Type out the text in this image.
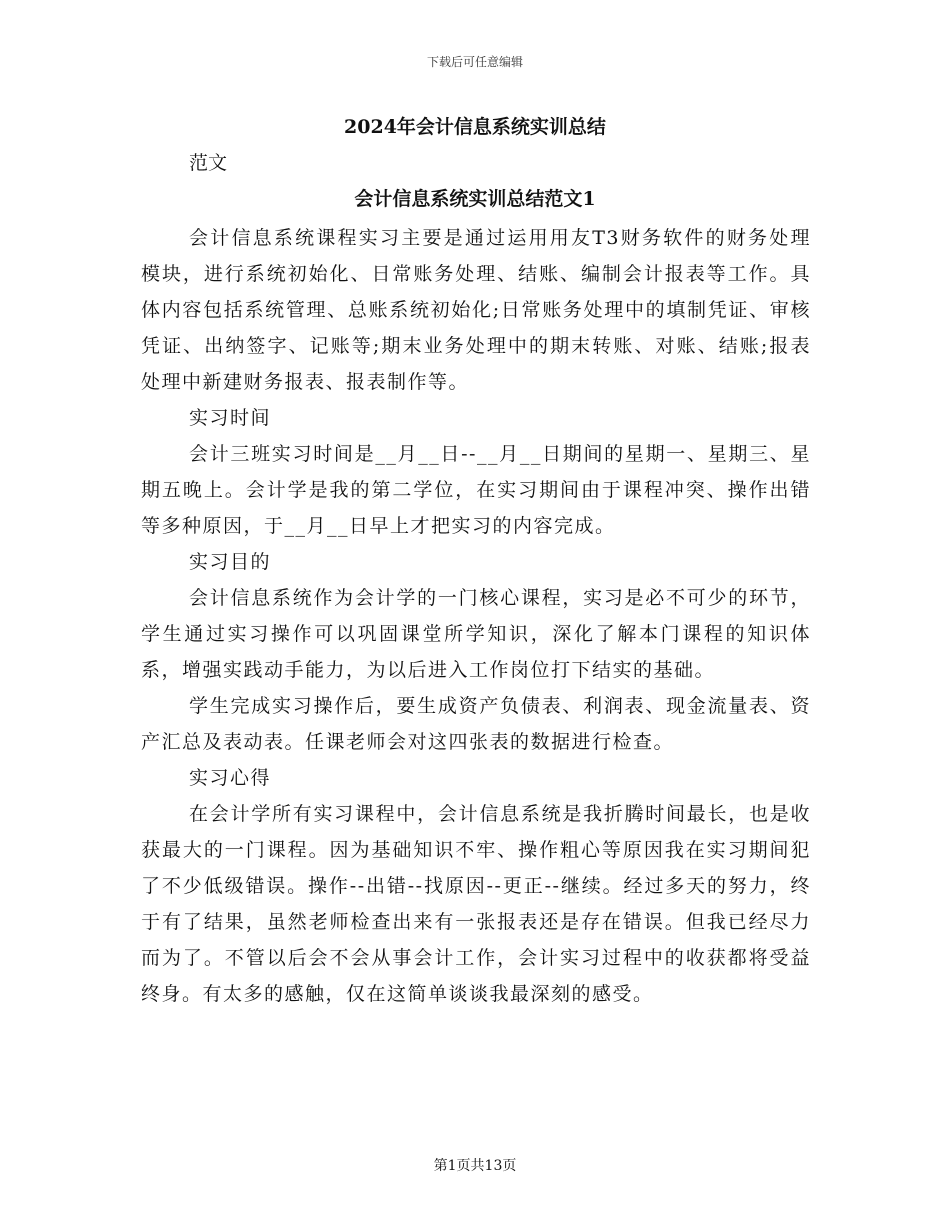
下载后可任意编辑
2024年会计信息系统实训总结
范文
会计信息系统实训总结范文1

会计信息系统课程实习主要是通过运用用友T3财务软件的财务处理模块，进行系统初始化、日常账务处理、结账、编制会计报表等工作。具体内容包括系统管理、总账系统初始化;日常账务处理中的填制凭证、审核凭证、出纳签字、记账等;期末业务处理中的期末转账、对账、结账;报表处理中新建财务报表、报表制作等。

实习时间

会计三班实习时间是__月__日--__月__日期间的星期一、星期三、星期五晚上。会计学是我的第二学位，在实习期间由于课程冲突、操作出错等多种原因，于__月__日早上才把实习的内容完成。

实习目的

会计信息系统作为会计学的一门核心课程，实习是必不可少的环节，学生通过实习操作可以巩固课堂所学知识，深化了解本门课程的知识体系，增强实践动手能力，为以后进入工作岗位打下结实的基础。

学生完成实习操作后，要生成资产负债表、利润表、现金流量表、资产汇总及表动表。任课老师会对这四张表的数据进行检查。

实习心得

在会计学所有实习课程中，会计信息系统是我折腾时间最长，也是收获最大的一门课程。因为基础知识不牢、操作粗心等原因我在实习期间犯了不少低级错误。操作--出错--找原因--更正--继续。经过多天的努力，终于有了结果，虽然老师检查出来有一张报表还是存在错误。但我已经尽力而为了。不管以后会不会从事会计工作，会计实习过程中的收获都将受益终身。有太多的感触，仅在这简单谈谈我最深刻的感受。

第1页共13页
